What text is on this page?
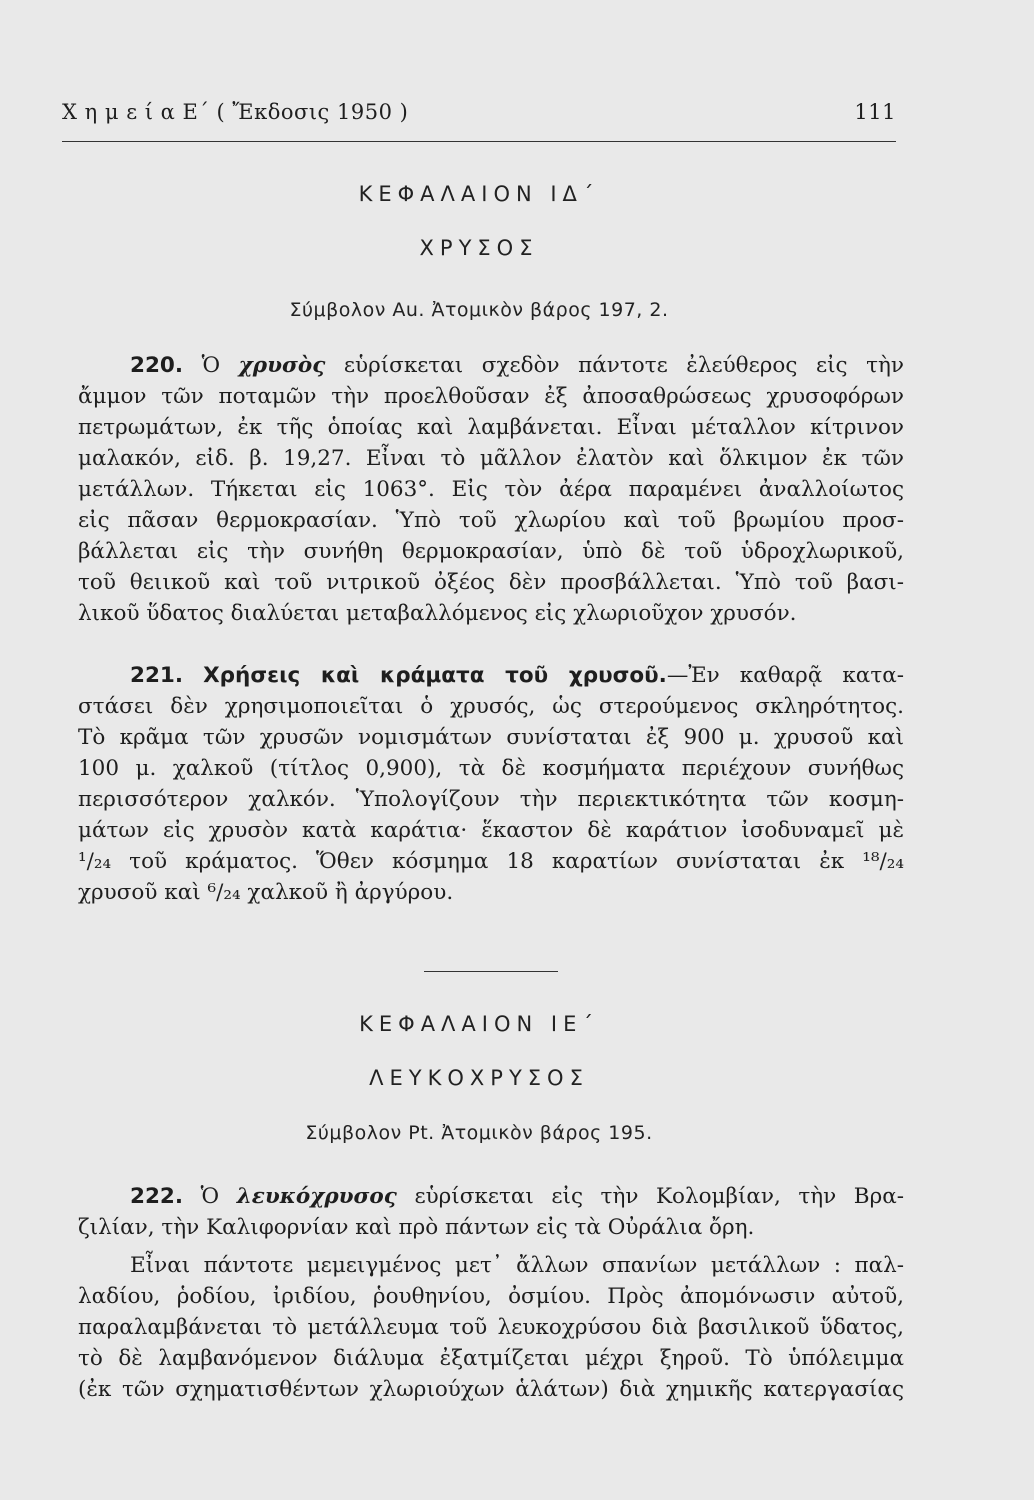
Χ η μ ε ί α Ε΄ ( Ἔκδοσις 1950 )	111
ΚΕΦΑΛΑΙΟΝ ΙΔ΄
ΧΡΥΣΟΣ
Σύμβολον Au. Ἀτομικὸν βάρος 197, 2.
220. Ὁ χρυσὸς εὑρίσκεται σχεδὸν πάντοτε ἐλεύθερος εἰς τὴν
ἄμμον τῶν ποταμῶν τὴν προελθοῦσαν ἐξ ἀποσαθρώσεως χρυσοφόρων
πετρωμάτων, ἐκ τῆς ὁποίας καὶ λαμβάνεται. Εἶναι μέταλλον κίτρινον
μαλακόν, εἰδ. β. 19,27. Εἶναι τὸ μᾶλλον ἐλατὸν καὶ ὅλκιμον ἐκ τῶν
μετάλλων. Τήκεται εἰς 1063°. Εἰς τὸν ἀέρα παραμένει ἀναλλοίωτος
εἰς πᾶσαν θερμοκρασίαν. Ὑπὸ τοῦ χλωρίου καὶ τοῦ βρωμίου προσ-
βάλλεται εἰς τὴν συνήθη θερμοκρασίαν, ὑπὸ δὲ τοῦ ὑδροχλωρικοῦ,
τοῦ θειικοῦ καὶ τοῦ νιτρικοῦ ὀξέος δὲν προσβάλλεται. Ὑπὸ τοῦ βασι-
λικοῦ ὕδατος διαλύεται μεταβαλλόμενος εἰς χλωριοῦχον χρυσόν.
221. Χρήσεις καὶ κράματα τοῦ χρυσοῦ.—Ἐν καθαρᾷ κατα-
στάσει δὲν χρησιμοποιεῖται ὁ χρυσός, ὡς στερούμενος σκληρότητος.
Τὸ κρᾶμα τῶν χρυσῶν νομισμάτων συνίσταται ἐξ 900 μ. χρυσοῦ καὶ
100 μ. χαλκοῦ (τίτλος 0,900), τὰ δὲ κοσμήματα περιέχουν συνήθως
περισσότερον χαλκόν. Ὑπολογίζουν τὴν περιεκτικότητα τῶν κοσμη-
μάτων εἰς χρυσὸν κατὰ καράτια· ἕκαστον δὲ καράτιον ἰσοδυναμεῖ μὲ
¹/₂₄ τοῦ κράματος. Ὅθεν κόσμημα 18 καρατίων συνίσταται ἐκ ¹⁸/₂₄
χρυσοῦ καὶ ⁶/₂₄ χαλκοῦ ἢ ἀργύρου.
ΚΕΦΑΛΑΙΟΝ ΙΕ΄
ΛΕΥΚΟΧΡΥΣΟΣ
Σύμβολον Pt. Ἀτομικὸν βάρος 195.
222. Ὁ λευκόχρυσος εὑρίσκεται εἰς τὴν Κολομβίαν, τὴν Βρα-
ζιλίαν, τὴν Καλιφορνίαν καὶ πρὸ πάντων εἰς τὰ Οὐράλια ὄρη.
Εἶναι πάντοτε μεμειγμένος μετ᾽ ἄλλων σπανίων μετάλλων : παλ-
λαδίου, ῥοδίου, ἰριδίου, ῥουθηνίου, ὀσμίου. Πρὸς ἀπομόνωσιν αὐτοῦ,
παραλαμβάνεται τὸ μετάλλευμα τοῦ λευκοχρύσου διὰ βασιλικοῦ ὕδατος,
τὸ δὲ λαμβανόμενον διάλυμα ἐξατμίζεται μέχρι ξηροῦ. Τὸ ὑπόλειμμα
(ἐκ τῶν σχηματισθέντων χλωριούχων ἁλάτων) διὰ χημικῆς κατεργασίας
